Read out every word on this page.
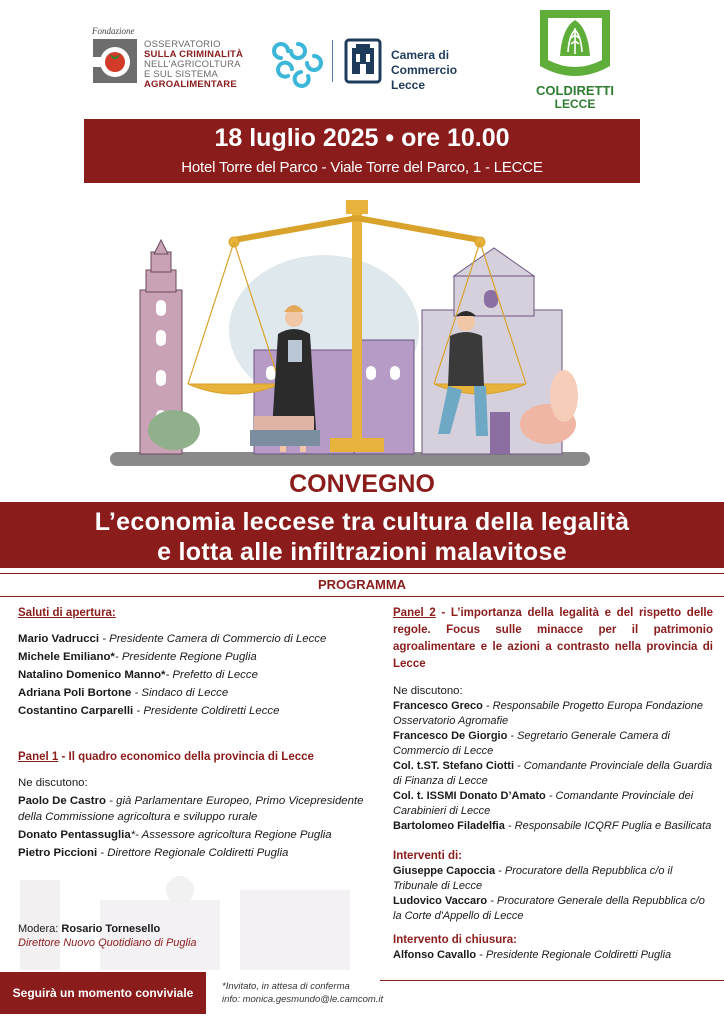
Fondazione
OSSERVATORIO
SULLA CRIMINALITÀ
NELL'AGRICOLTURA
E SUL SISTEMA
AGROALIMENTARE
Camera di Commercio
Lecce	COLDIRETTI
LECCE
18 luglio 2025 • ore 10.00
Hotel Torre del Parco - Viale Torre del Parco, 1 - LECCE
CONVEGNO
L’economia leccese tra cultura della legalità
e lotta alle infiltrazioni malavitose
PROGRAMMA
Saluti di apertura:
Mario Vadrucci - Presidente Camera di Commercio di Lecce
Michele Emiliano*- Presidente Regione Puglia
Natalino Domenico Manno*- Prefetto di Lecce
Adriana Poli Bortone - Sindaco di Lecce
Costantino Carparelli - Presidente Coldiretti Lecce
Panel 1 - Il quadro economico della provincia di Lecce
Ne discutono:
Paolo De Castro - già Parlamentare Europeo, Primo Vicepresidente della Commissione agricoltura e sviluppo rurale
Donato Pentassuglia*- Assessore agricoltura Regione Puglia
Pietro Piccioni - Direttore Regionale Coldiretti Puglia
Modera: Rosario Tornesello
Direttore Nuovo Quotidiano di Puglia
Panel 2 - L’importanza della legalità e del rispetto delle regole. Focus sulle minacce per il patrimonio agroalimentare e le azioni a contrasto nella provincia di Lecce
Ne discutono:
Francesco Greco - Responsabile Progetto Europa Fondazione Osservatorio Agromafie
Francesco De Giorgio - Segretario Generale Camera di Commercio di Lecce
Col. t.ST. Stefano Ciotti - Comandante Provinciale della Guardia di Finanza di Lecce
Col. t. ISSMI Donato D’Amato - Comandante Provinciale dei Carabinieri di Lecce
Bartolomeo Filadelfia - Responsabile ICQRF Puglia e Basilicata
Interventi di:
Giuseppe Capoccia - Procuratore della Repubblica c/o il Tribunale di Lecce
Ludovico Vaccaro - Procuratore Generale della Repubblica c/o la Corte d'Appello di Lecce
Intervento di chiusura:
Alfonso Cavallo - Presidente Regionale Coldiretti Puglia
Seguirà un momento conviviale	*Invitato, in attesa di conferma
info: monica.gesmundo@le.camcom.it
